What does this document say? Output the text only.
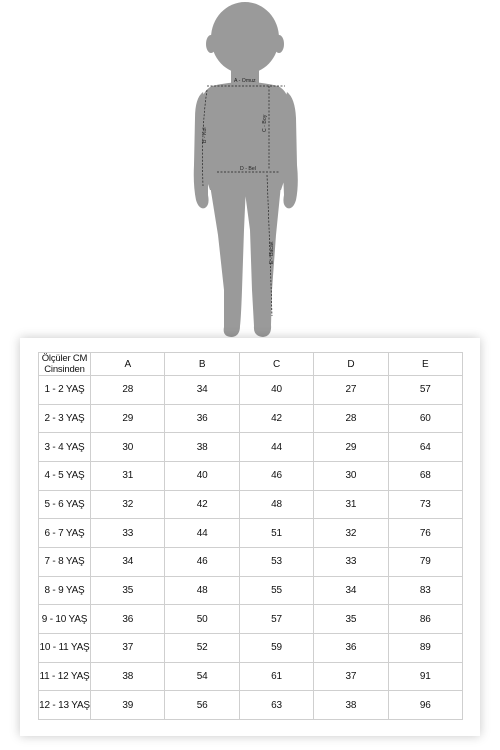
A - Omuz
B - Kol
C - Boy
D - Bel
E - Bacak
Ölçüler CM
Cinsinden	A	B	C	D	E
1 - 2 YAŞ	28	34	40	27	57
2 - 3 YAŞ	29	36	42	28	60
3 - 4 YAŞ	30	38	44	29	64
4 - 5 YAŞ	31	40	46	30	68
5 - 6 YAŞ	32	42	48	31	73
6 - 7 YAŞ	33	44	51	32	76
7 - 8 YAŞ	34	46	53	33	79
8 - 9 YAŞ	35	48	55	34	83
9 - 10 YAŞ	36	50	57	35	86
10 - 11 YAŞ	37	52	59	36	89
11 - 12 YAŞ	38	54	61	37	91
12 - 13 YAŞ	39	56	63	38	96
